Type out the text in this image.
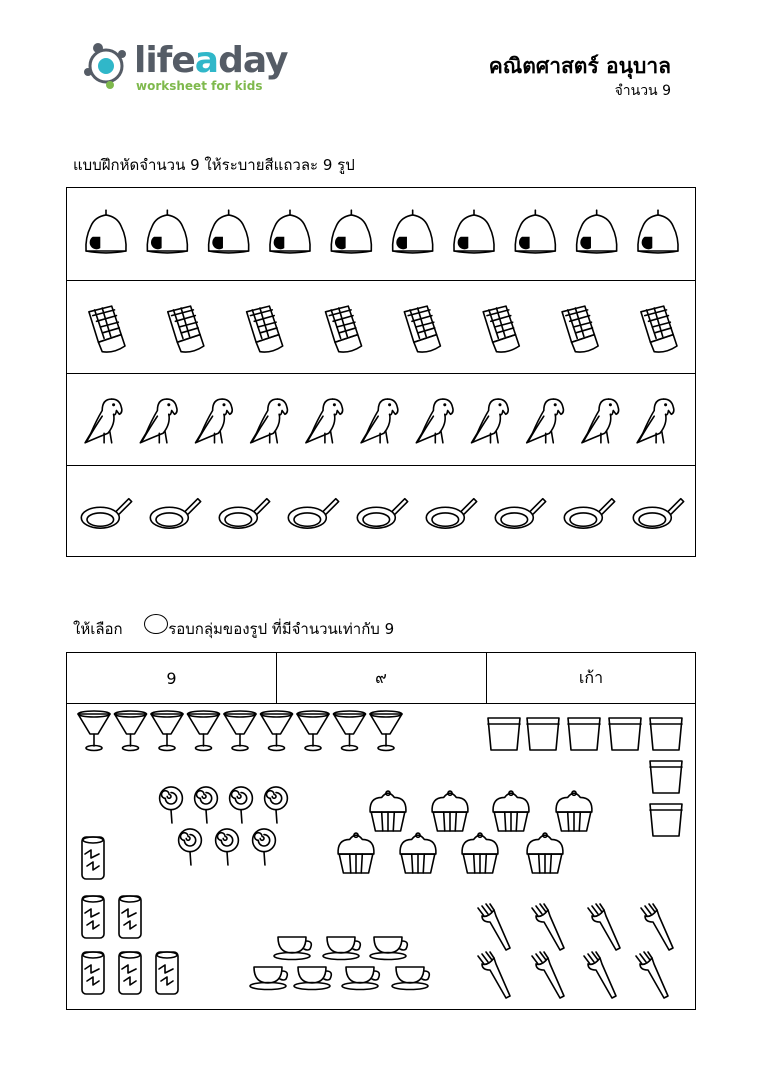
lifeaday
worksheet for kids
คณิตศาสตร์ อนุบาล
จำนวน 9
แบบฝึกหัดจำนวน 9 ให้ระบายสีแถวละ 9 รูป
ให้เลือก	รอบกลุ่มของรูป ที่มีจำนวนเท่ากับ 9
9	๙	เก้า
